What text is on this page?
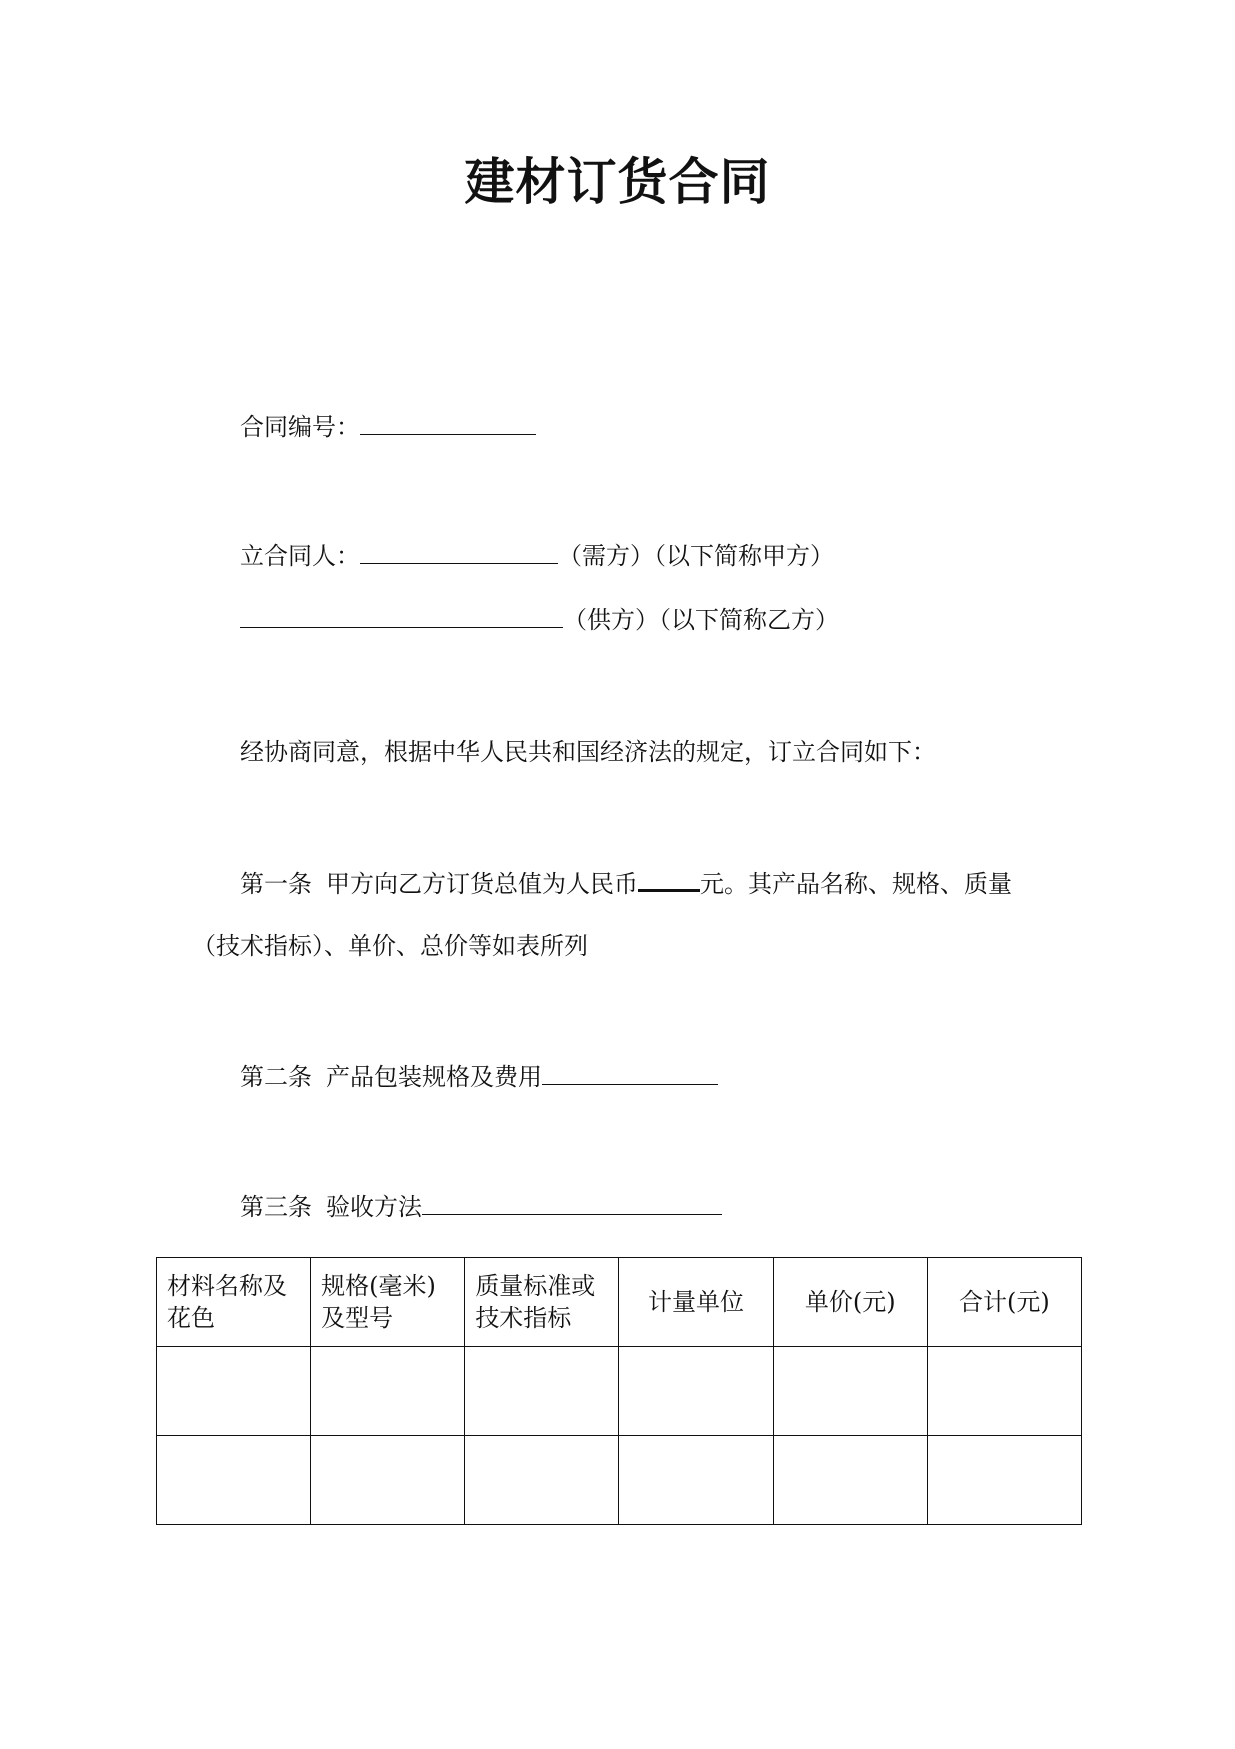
建材订货合同
合同编号：
立合同人：	（需方）（以下简称甲方）
（供方）（以下简称乙方）
经协商同意，根据中华人民共和国经济法的规定，订立合同如下：
第一条 甲方向乙方订货总值为人民币	元。其产品名称、规格、质量
（技术指标）、单价、总价等如表所列
第二条 产品包装规格及费用
第三条 验收方法
材料名称及花色	规格(毫米)及型号	质量标准或技术指标	计量单位	单价(元)	合计(元)
